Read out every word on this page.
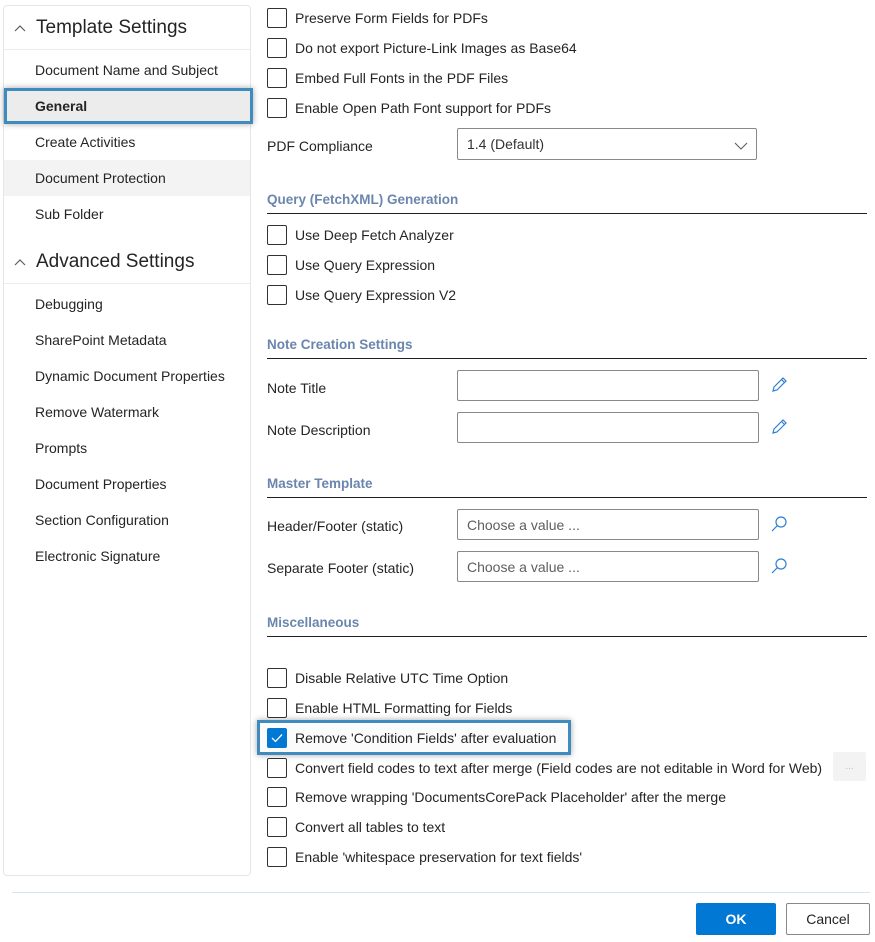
Template Settings
Document Name and Subject
General
Create Activities
Document Protection
Sub Folder
Advanced Settings
Debugging
SharePoint Metadata
Dynamic Document Properties
Remove Watermark
Prompts
Document Properties
Section Configuration
Electronic Signature
Preserve Form Fields for PDFs
Do not export Picture-Link Images as Base64
Embed Full Fonts in the PDF Files
Enable Open Path Font support for PDFs
PDF Compliance	1.4 (Default)
Query (FetchXML) Generation
Use Deep Fetch Analyzer
Use Query Expression
Use Query Expression V2
Note Creation Settings
Note Title
Note Description
Master Template
Header/Footer (static)	Choose a value ...
Separate Footer (static)	Choose a value ...
Miscellaneous
Disable Relative UTC Time Option
Enable HTML Formatting for Fields
Remove 'Condition Fields' after evaluation
Convert field codes to text after merge (Field codes are not editable in Word for Web)	...
Remove wrapping 'DocumentsCorePack Placeholder' after the merge
Convert all tables to text
Enable 'whitespace preservation for text fields'
OK	Cancel
